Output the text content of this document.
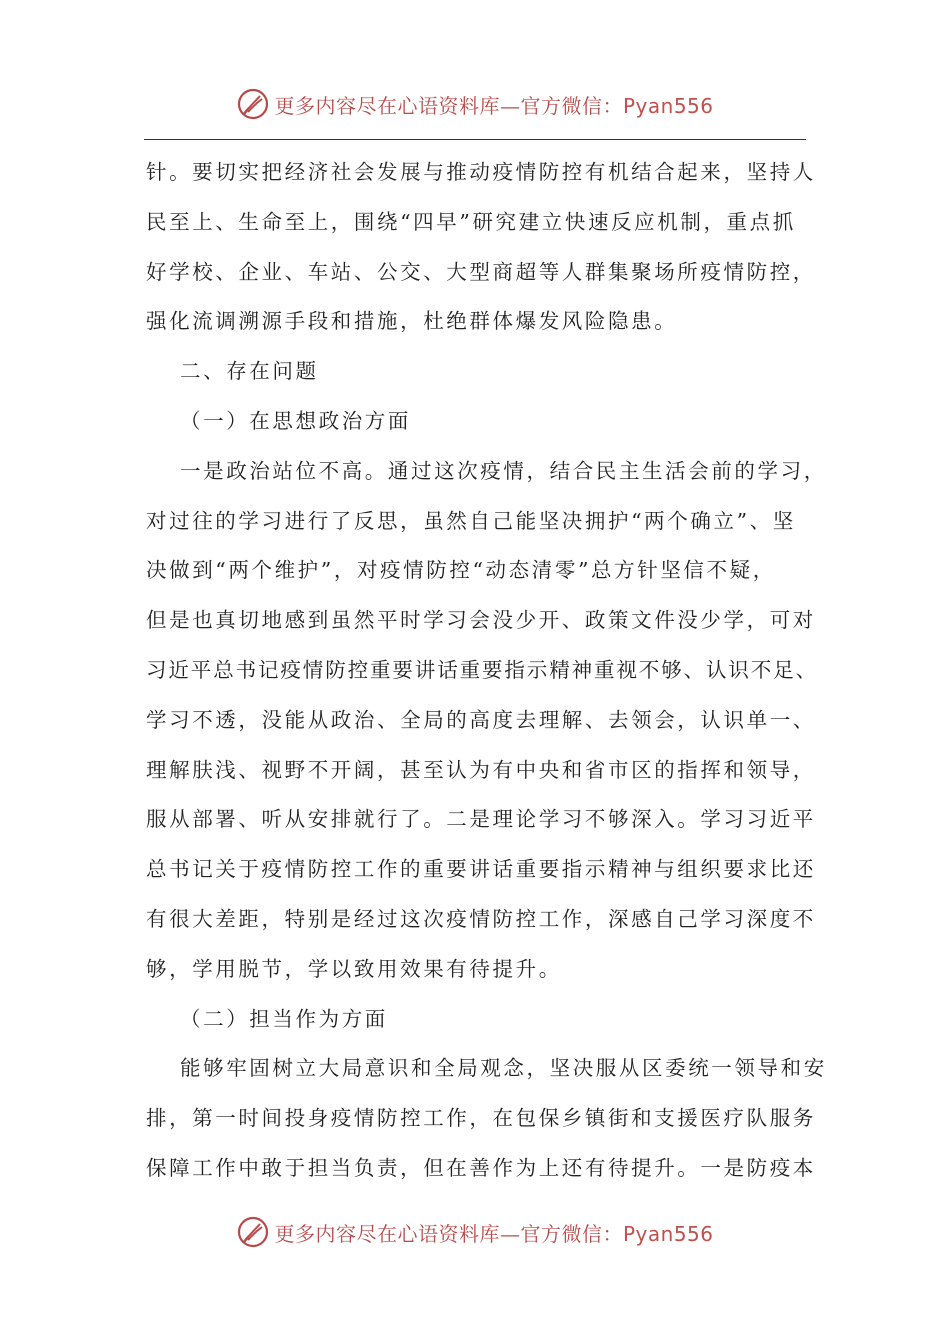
更多内容尽在心语资料库—官方微信：Pyan556

针。要切实把经济社会发展与推动疫情防控有机结合起来，坚持人

民至上、生命至上，围绕“四早”研究建立快速反应机制，重点抓

好学校、企业、车站、公交、大型商超等人群集聚场所疫情防控，

强化流调溯源手段和措施，杜绝群体爆发风险隐患。

二、存在问题

（一）在思想政治方面

一是政治站位不高。通过这次疫情，结合民主生活会前的学习，

对过往的学习进行了反思，虽然自己能坚决拥护“两个确立”、坚

决做到“两个维护”，对疫情防控“动态清零”总方针坚信不疑，

但是也真切地感到虽然平时学习会没少开、政策文件没少学，可对

习近平总书记疫情防控重要讲话重要指示精神重视不够、认识不足、

学习不透，没能从政治、全局的高度去理解、去领会，认识单一、

理解肤浅、视野不开阔，甚至认为有中央和省市区的指挥和领导，

服从部署、听从安排就行了。二是理论学习不够深入。学习习近平

总书记关于疫情防控工作的重要讲话重要指示精神与组织要求比还

有很大差距，特别是经过这次疫情防控工作，深感自己学习深度不

够，学用脱节，学以致用效果有待提升。

（二）担当作为方面

能够牢固树立大局意识和全局观念，坚决服从区委统一领导和安

排，第一时间投身疫情防控工作，在包保乡镇街和支援医疗队服务

保障工作中敢于担当负责，但在善作为上还有待提升。一是防疫本

更多内容尽在心语资料库—官方微信：Pyan556
